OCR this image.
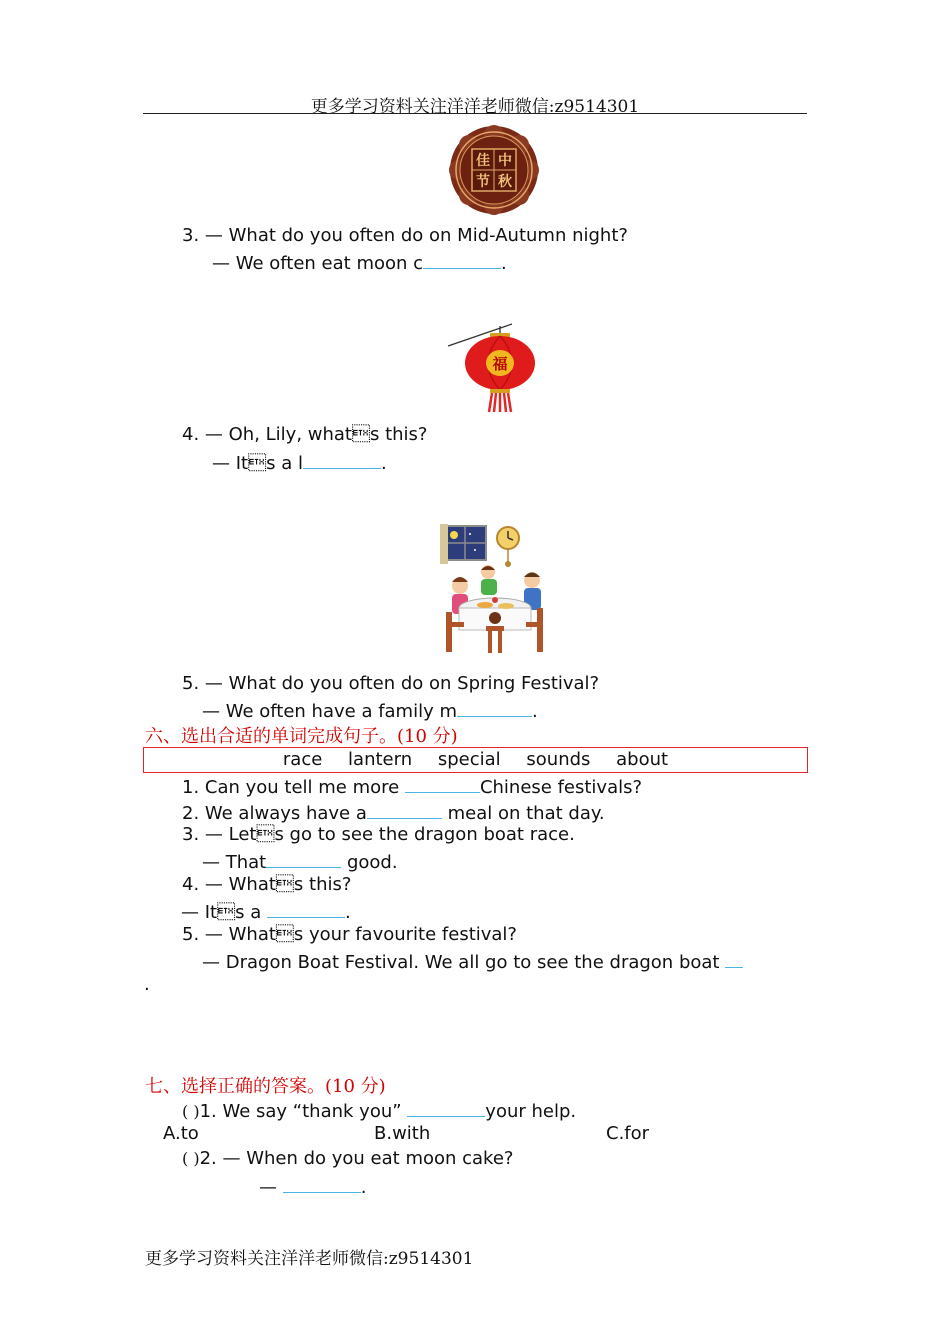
更多学习资料关注洋洋老师微信:z9514301
佳 中
节 秋
3. — What do you often do on Mid-Autumn night?
— We often eat moon c	.
福
4. — Oh, Lily, whats this?
— Its a l	.
5. — What do you often do on Spring Festival?
— We often have a family m	.
六、选出合适的单词完成句子。(10 分)
race lantern special sounds about
1. Can you tell me more	Chinese festivals?
2. We always have a	meal on that day.
3. — Lets go to see the dragon boat race.
— That	good.
4. — Whats this?
— Its a	.
5. — Whats your favourite festival?
— Dragon Boat Festival. We all go to see the dragon boat
.
七、选择正确的答案。(10 分)
( )1. We say “thank you”	your help.
A.to	B.with	C.for
( )2. — When do you eat moon cake?
—	.
更多学习资料关注洋洋老师微信:z9514301
